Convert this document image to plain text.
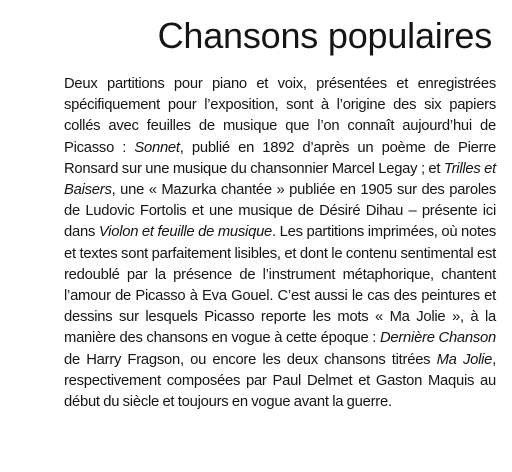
Chansons populaires

Deux partitions pour piano et voix, présentées et enregistrées spécifiquement pour l’exposition, sont à l’origine des six papiers collés avec feuilles de musique que l’on connaît aujourd’hui de Picasso : Sonnet, publié en 1892 d’après un poème de Pierre Ronsard sur une musique du chansonnier Marcel Legay ; et Trilles et Baisers, une « Mazurka chantée » publiée en 1905 sur des paroles de Ludovic Fortolis et une musique de Désiré Dihau – présente ici dans Violon et feuille de musique. Les partitions imprimées, où notes et textes sont parfaitement lisibles, et dont le contenu sentimental est redoublé par la présence de l’instrument métaphorique, chantent l’amour de Picasso à Eva Gouel. C’est aussi le cas des peintures et dessins sur lesquels Picasso reporte les mots « Ma Jolie », à la manière des chansons en vogue à cette époque : Dernière Chanson de Harry Fragson, ou encore les deux chansons titrées Ma Jolie, respectivement composées par Paul Delmet et Gaston Maquis au début du siècle et toujours en vogue avant la guerre.
